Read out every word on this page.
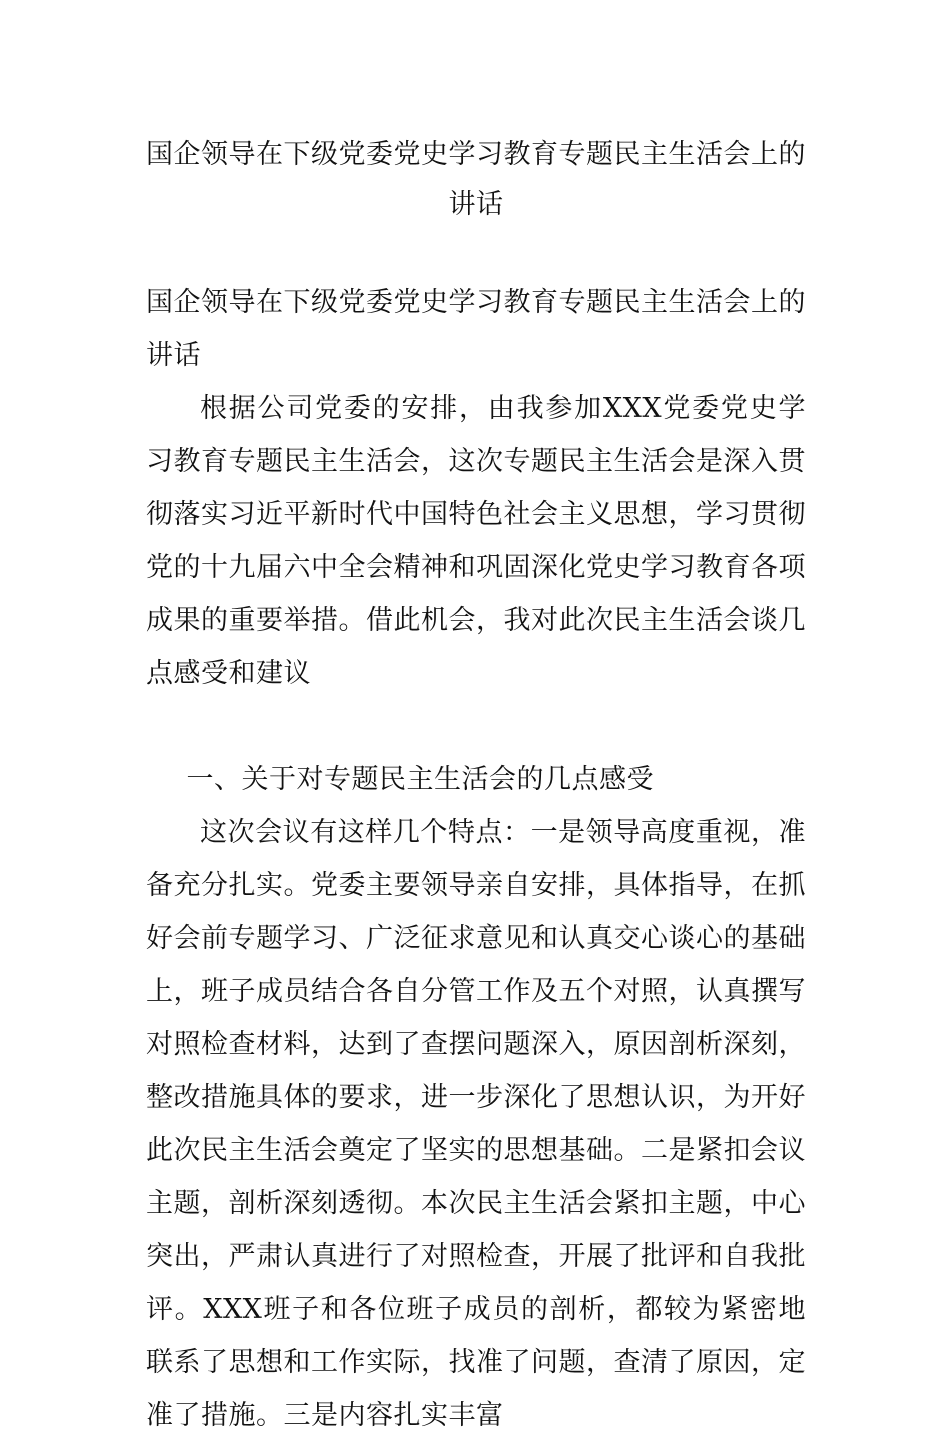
国企领导在下级党委党史学习教育专题民主生活会上的讲话

国企领导在下级党委党史学习教育专题民主生活会上的讲话

根据公司党委的安排，由我参加XXX党委党史学习教育专题民主生活会，这次专题民主生活会是深入贯彻落实习近平新时代中国特色社会主义思想，学习贯彻党的十九届六中全会精神和巩固深化党史学习教育各项成果的重要举措。借此机会，我对此次民主生活会谈几点感受和建议

一、关于对专题民主生活会的几点感受

这次会议有这样几个特点：一是领导高度重视，准备充分扎实。党委主要领导亲自安排，具体指导，在抓好会前专题学习、广泛征求意见和认真交心谈心的基础上，班子成员结合各自分管工作及五个对照，认真撰写对照检查材料，达到了查摆问题深入，原因剖析深刻，整改措施具体的要求，进一步深化了思想认识，为开好此次民主生活会奠定了坚实的思想基础。二是紧扣会议主题，剖析深刻透彻。本次民主生活会紧扣主题，中心突出，严肃认真进行了对照检查，开展了批评和自我批评。XXX班子和各位班子成员的剖析，都较为紧密地联系了思想和工作实际，找准了问题，查清了原因，定准了措施。三是内容扎实丰富
